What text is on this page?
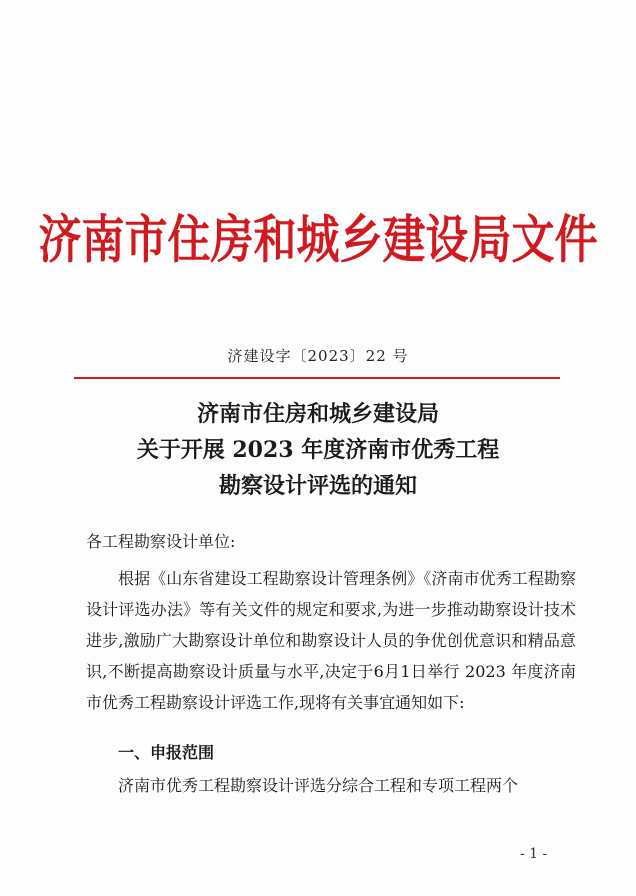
济南市住房和城乡建设局文件
济建设字〔2023〕22 号
济南市住房和城乡建设局
关于开展 2023 年度济南市优秀工程
勘察设计评选的通知
各工程勘察设计单位:
根据《山东省建设工程勘察设计管理条例》《济南市优秀工程勘察设计评选办法》等有关文件的规定和要求,为进一步推动勘察设计技术进步,激励广大勘察设计单位和勘察设计人员的争优创优意识和精品意识,不断提高勘察设计质量与水平,决定于6月1日举行 2023 年度济南市优秀工程勘察设计评选工作,现将有关事宜通知如下:
一、申报范围
济南市优秀工程勘察设计评选分综合工程和专项工程两个
- 1 -
